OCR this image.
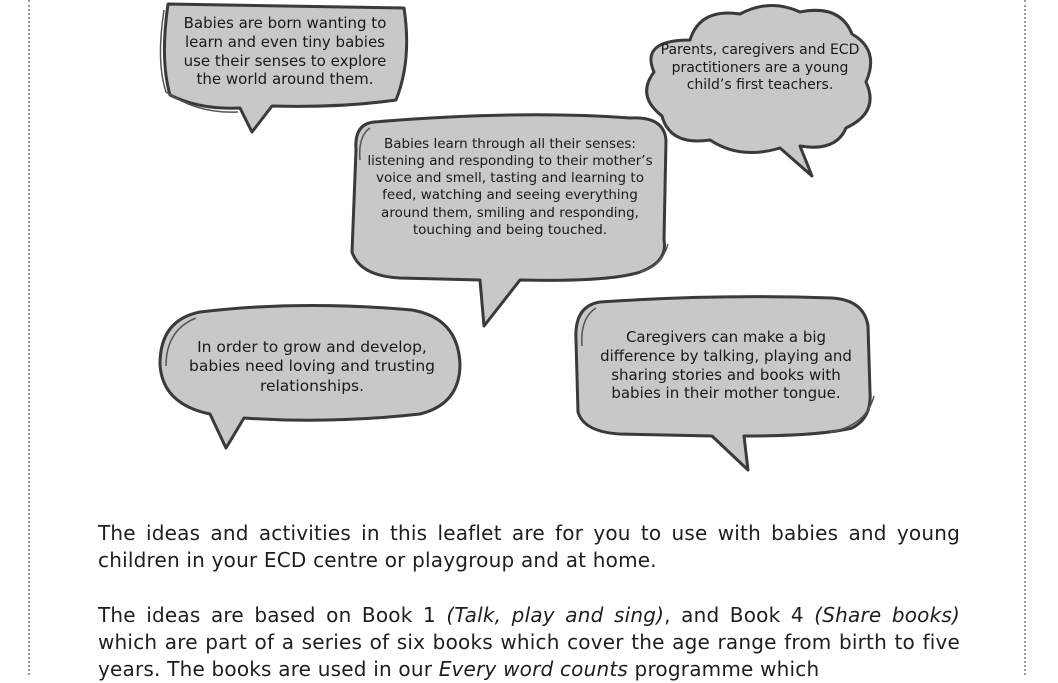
Babies are born wanting to learn and even tiny babies use their senses to explore the world around them.
Parents, caregivers and ECD practitioners are a young child’s first teachers.
Babies learn through all their senses: listening and responding to their mother’s voice and smell, tasting and learning to feed, watching and seeing everything around them, smiling and responding, touching and being touched.
In order to grow and develop, babies need loving and trusting relationships.
Caregivers can make a big difference by talking, playing and sharing stories and books with babies in their mother tongue.

The ideas and activities in this leaflet are for you to use with babies and young children in your ECD centre or playgroup and at home.

The ideas are based on Book 1 (Talk, play and sing), and Book 4 (Share books) which are part of a series of six books which cover the age range from birth to five years. The books are used in our Every word counts programme which
